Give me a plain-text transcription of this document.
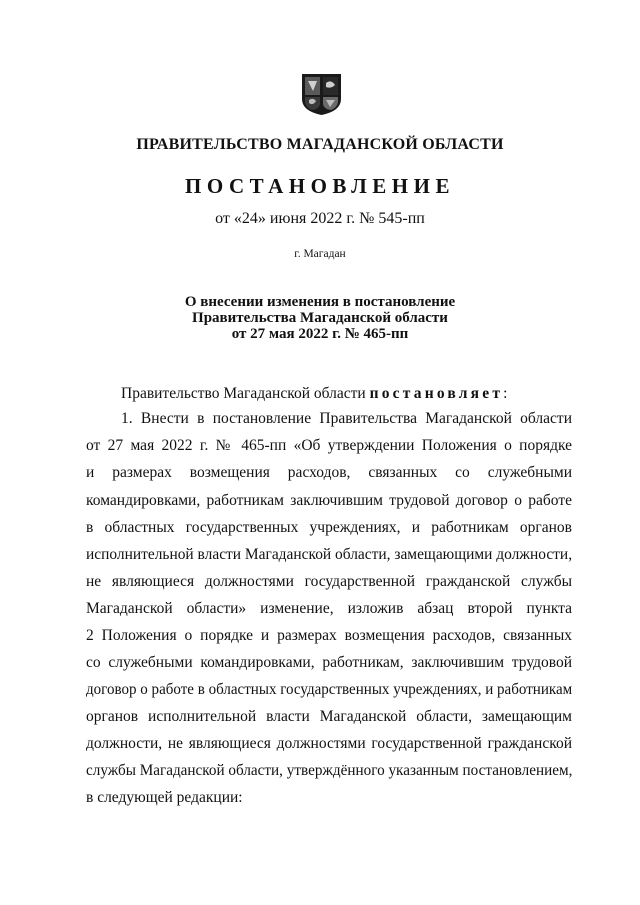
ПРАВИТЕЛЬСТВО МАГАДАНСКОЙ ОБЛАСТИ
ПОСТАНОВЛЕНИЕ
от «24» июня 2022 г. № 545-пп
г. Магадан
О внесении изменения в постановление
Правительства Магаданской области
от 27 мая 2022 г. № 465-пп
Правительство Магаданской области постановляет:
1. Внести в постановление Правительства Магаданской области
от 27 мая 2022 г. № 465-пп «Об утверждении Положения о порядке
и размерах возмещения расходов, связанных со служебными
командировками, работникам заключившим трудовой договор о работе
в областных государственных учреждениях, и работникам органов
исполнительной власти Магаданской области, замещающими должности,
не являющиеся должностями государственной гражданской службы
Магаданской области» изменение, изложив абзац второй пункта
2 Положения о порядке и размерах возмещения расходов, связанных
со служебными командировками, работникам, заключившим трудовой
договор о работе в областных государственных учреждениях, и работникам
органов исполнительной власти Магаданской области, замещающим
должности, не являющиеся должностями государственной гражданской
службы Магаданской области, утверждённого указанным постановлением,
в следующей редакции:
